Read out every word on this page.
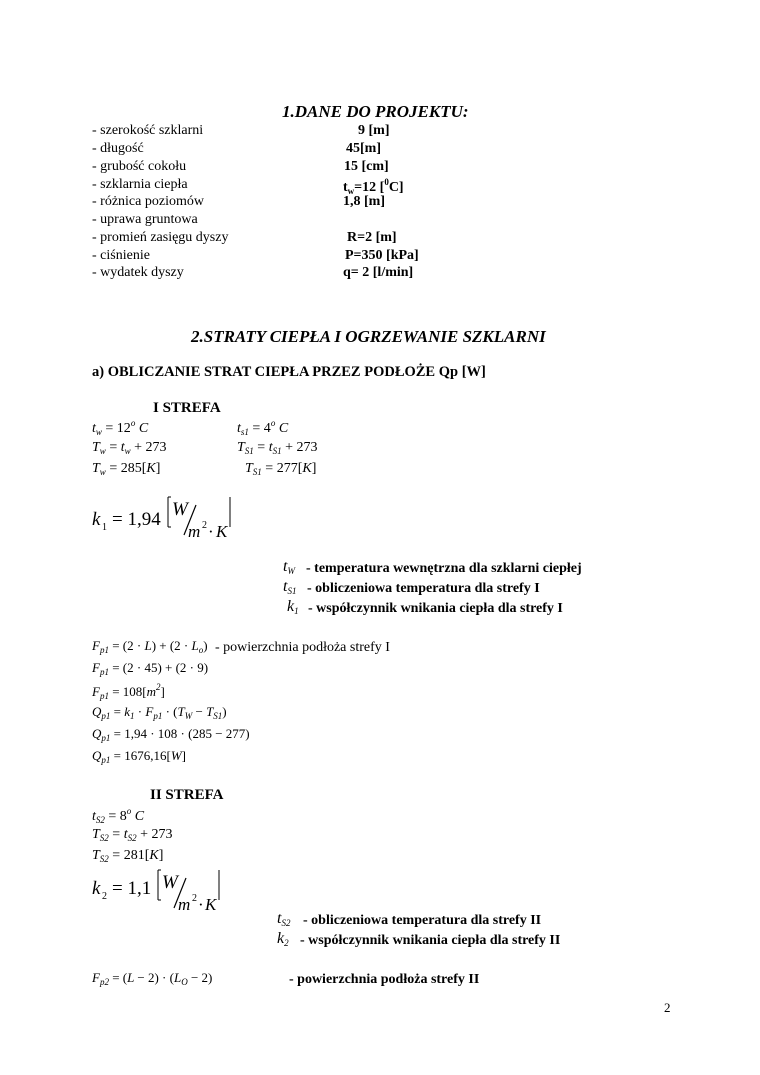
1.DANE DO PROJEKTU:
- szerokość szklarni	9 [m]
- długość	45[m]
- grubość cokołu	15 [cm]
- szklarnia ciepła	$t_w=12$ [$^0$C]
- różnica poziomów	1,8 [m]
- uprawa gruntowa
- promień zasięgu dyszy	R=2 [m]
- ciśnienie	P=350 [kPa]
- wydatek dyszy	q= 2 [l/min]
2.STRATY CIEPŁA I OGRZEWANIE SZKLARNI
a) OBLICZANIE STRAT CIEPŁA PRZEZ PODŁOŻE Qp [W]
I STREFA
$t_w = 12^o$ C	$t_{s1} = 4^o$ C
$T_w = t_w + 273$	$T_{S1} = t_{S1} + 273$
$T_w = 285[K]$	$T_{S1} = 277[K]$
k 1 = 1,94 W
m 2 · K
$t_W$ - temperatura wewnętrzna dla szklarni ciepłej
$t_{S1}$ - obliczeniowa temperatura dla strefy I
$k_1$ - współczynnik wnikania ciepła dla strefy I
$F_{p1} = (2 \cdot L) + (2 \cdot L_o)$ - powierzchnia podłoża strefy I
$F_{p1} = (2 \cdot 45) + (2 \cdot 9)$
$F_{p1} = 108[m^2]$
$Q_{p1} = k_1 \cdot F_{p1} \cdot (T_W - T_{S1})$
$Q_{p1} = 1,94 \cdot 108 \cdot (285 - 277)$
$Q_{p1} = 1676,16[W]$
II STREFA
$t_{S2} = 8^o$ C
$T_{S2} = t_{S2} + 273$
$T_{S2} = 281[K]$
k 2 = 1,1 W
m 2 · K
$t_{S2}$ - obliczeniowa temperatura dla strefy II
$k_2$ - współczynnik wnikania ciepła dla strefy II
$F_{p2} = (L - 2) \cdot (L_O - 2)$	- powierzchnia podłoża strefy II
2
